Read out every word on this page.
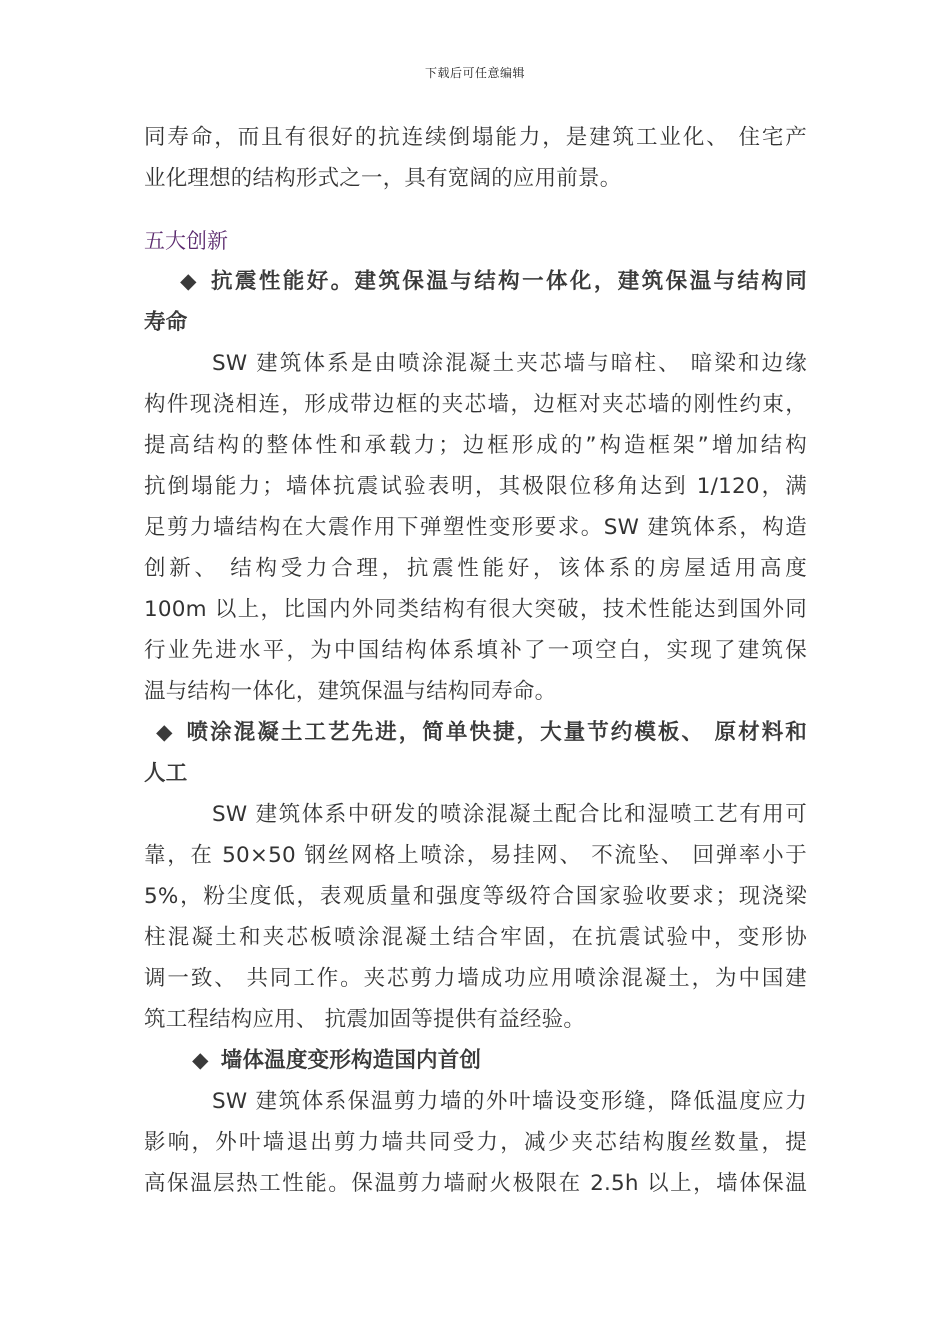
下载后可任意编辑
同寿命，而且有很好的抗连续倒塌能力，是建筑工业化、 住宅产
业化理想的结构形式之一，具有宽阔的应用前景。
五大创新
◆ 抗震性能好。建筑保温与结构一体化，建筑保温与结构同
寿命
SW 建筑体系是由喷涂混凝土夹芯墙与暗柱、 暗梁和边缘
构件现浇相连，形成带边框的夹芯墙，边框对夹芯墙的刚性约束，
提高结构的整体性和承载力；边框形成的”构造框架”增加结构
抗倒塌能力；墙体抗震试验表明，其极限位移角达到 1/120，满
足剪力墙结构在大震作用下弹塑性变形要求。SW 建筑体系，构造
创新、 结构受力合理，抗震性能好，该体系的房屋适用高度
100m 以上，比国内外同类结构有很大突破，技术性能达到国外同
行业先进水平，为中国结构体系填补了一项空白，实现了建筑保
温与结构一体化，建筑保温与结构同寿命。
◆ 喷涂混凝土工艺先进，简单快捷，大量节约模板、 原材料和
人工
SW 建筑体系中研发的喷涂混凝土配合比和湿喷工艺有用可
靠，在 50×50 钢丝网格上喷涂，易挂网、 不流坠、 回弹率小于
5%，粉尘度低，表观质量和强度等级符合国家验收要求；现浇梁
柱混凝土和夹芯板喷涂混凝土结合牢固，在抗震试验中，变形协
调一致、 共同工作。夹芯剪力墙成功应用喷涂混凝土，为中国建
筑工程结构应用、 抗震加固等提供有益经验。
◆ 墙体温度变形构造国内首创
SW 建筑体系保温剪力墙的外叶墙设变形缝，降低温度应力
影响，外叶墙退出剪力墙共同受力，减少夹芯结构腹丝数量，提
高保温层热工性能。保温剪力墙耐火极限在 2.5h 以上，墙体保温
